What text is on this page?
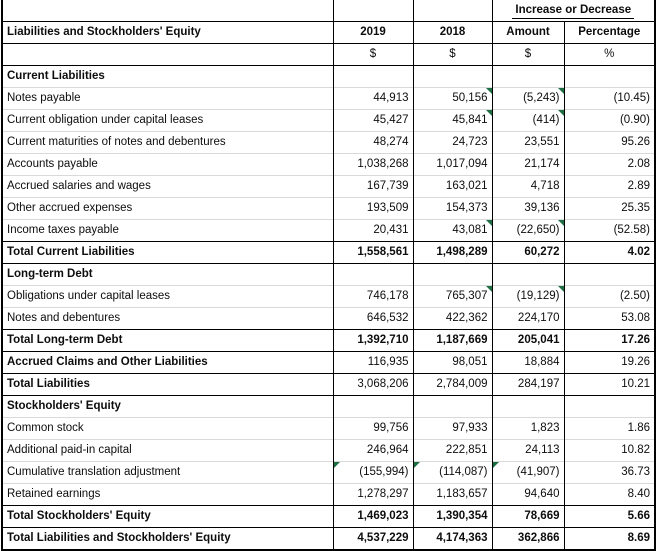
			Increase or Decrease	
Liabilities and Stockholders' Equity	2019	2018	Amount	Percentage
	$	$	$	%
Current Liabilities				
Notes payable	44,913	50,156	(5,243)	(10.45)
Current obligation under capital leases	45,427	45,841	(414)	(0.90)
Current maturities of notes and debentures	48,274	24,723	23,551	95.26
Accounts payable	1,038,268	1,017,094	21,174	2.08
Accrued salaries and wages	167,739	163,021	4,718	2.89
Other accrued expenses	193,509	154,373	39,136	25.35
Income taxes payable	20,431	43,081	(22,650)	(52.58)
Total Current Liabilities	1,558,561	1,498,289	60,272	4.02
Long-term Debt				
Obligations under capital leases	746,178	765,307	(19,129)	(2.50)
Notes and debentures	646,532	422,362	224,170	53.08
Total Long-term Debt	1,392,710	1,187,669	205,041	17.26
Accrued Claims and Other Liabilities	116,935	98,051	18,884	19.26
Total Liabilities	3,068,206	2,784,009	284,197	10.21
Stockholders' Equity				
Common stock	99,756	97,933	1,823	1.86
Additional paid-in capital	246,964	222,851	24,113	10.82
Cumulative translation adjustment	(155,994)	(114,087)	(41,907)	36.73
Retained earnings	1,278,297	1,183,657	94,640	8.40
Total Stockholders' Equity	1,469,023	1,390,354	78,669	5.66
Total Liabilities and Stockholders' Equity	4,537,229	4,174,363	362,866	8.69
